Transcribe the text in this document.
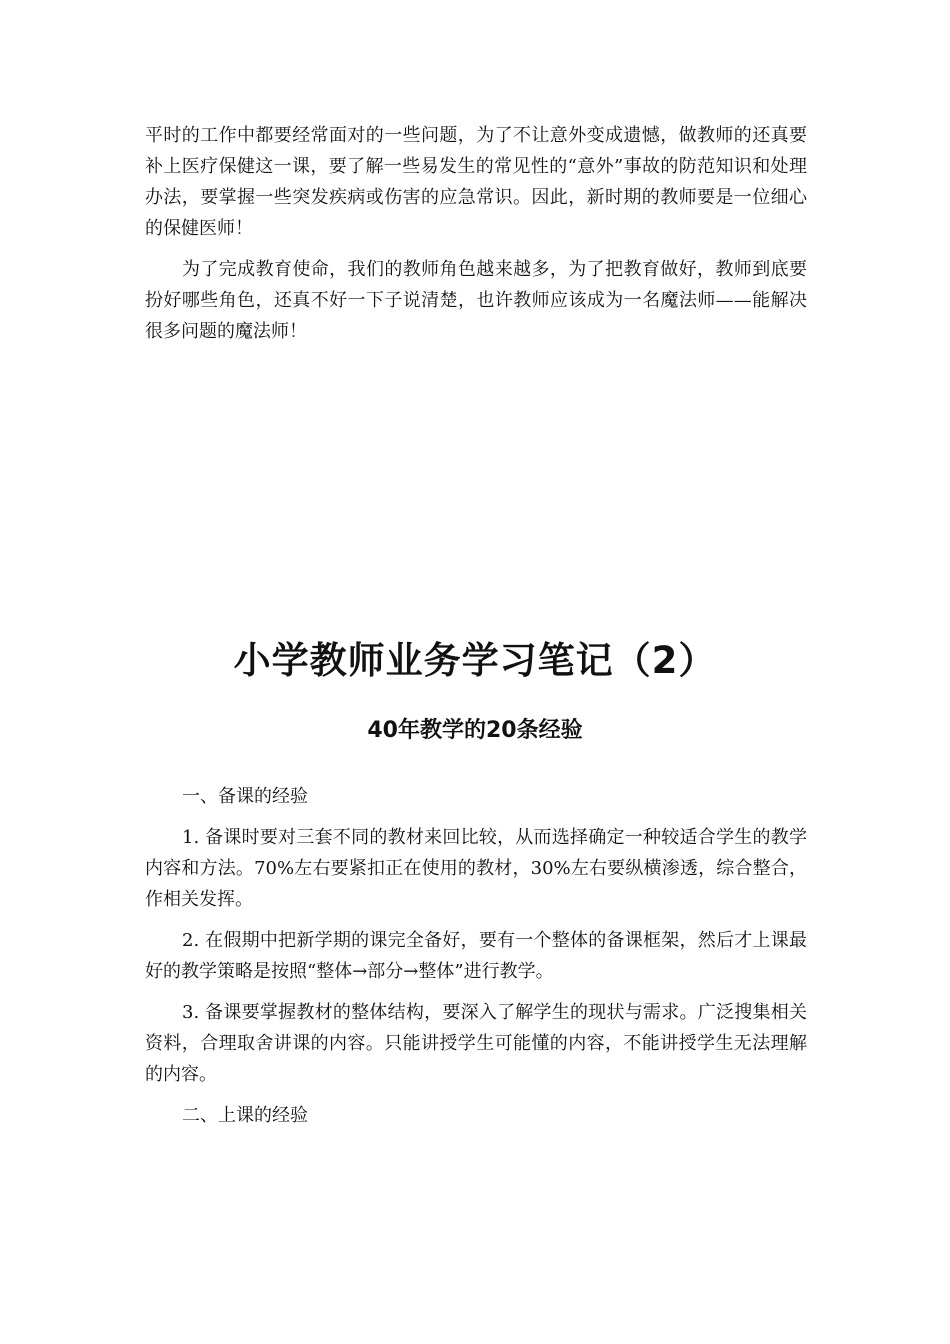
平时的工作中都要经常面对的一些问题，为了不让意外变成遗憾，做教师的还真要补上医疗保健这一课，要了解一些易发生的常见性的“意外”事故的防范知识和处理办法，要掌握一些突发疾病或伤害的应急常识。因此，新时期的教师要是一位细心的保健医师！

为了完成教育使命，我们的教师角色越来越多，为了把教育做好，教师到底要扮好哪些角色，还真不好一下子说清楚，也许教师应该成为一名魔法师——能解决很多问题的魔法师！

小学教师业务学习笔记（2）
40年教学的20条经验

一、备课的经验

1. 备课时要对三套不同的教材来回比较，从而选择确定一种较适合学生的教学内容和方法。70%左右要紧扣正在使用的教材，30%左右要纵横渗透，综合整合，作相关发挥。

2. 在假期中把新学期的课完全备好，要有一个整体的备课框架，然后才上课最好的教学策略是按照“整体→部分→整体”进行教学。

3. 备课要掌握教材的整体结构，要深入了解学生的现状与需求。广泛搜集相关资料，合理取舍讲课的内容。只能讲授学生可能懂的内容，不能讲授学生无法理解的内容。

二、上课的经验
